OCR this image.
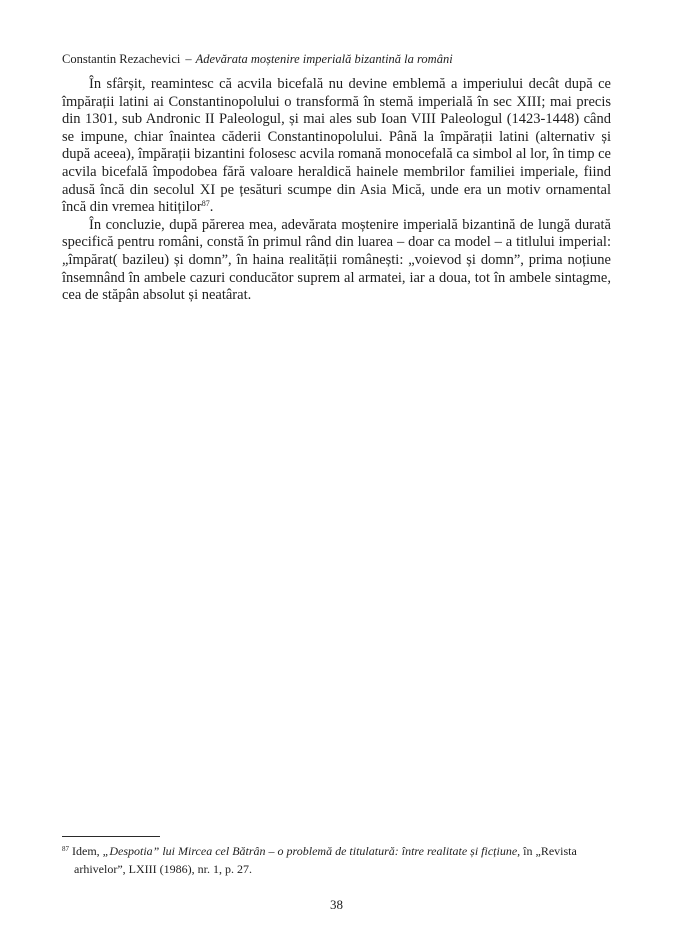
Constantin Rezachevici – Adevărata moștenire imperială bizantină la români

În sfârșit, reamintesc că acvila bicefală nu devine emblemă a imperiului decât după ce împărații latini ai Constantinopolului o transformă în stemă imperială în sec XIII; mai precis din 1301, sub Andronic II Paleologul, și mai ales sub Ioan VIII Paleologul (1423-1448) când se impune, chiar înaintea căderii Constantinopolului. Până la împărații latini (alternativ și după aceea), împărații bizantini folosesc acvila romană monocefală ca simbol al lor, în timp ce acvila bicefală împodobea fără valoare heraldică hainele membrilor familiei imperiale, fiind adusă încă din secolul XI pe țesături scumpe din Asia Mică, unde era un motiv ornamental încă din vremea hitiților$^{87}$.

În concluzie, după părerea mea, adevărata moștenire imperială bizantină de lungă durată specifică pentru români, constă în primul rând din luarea – doar ca model – a titlului imperial: „împărat( bazileu) și domn”, în haina realității românești: „voievod și domn”, prima noțiune însemnând în ambele cazuri conducător suprem al armatei, iar a doua, tot în ambele sintagme, cea de stăpân absolut și neatârat.

$^{87}$ Idem, „Despotia” lui Mircea cel Bătrân – o problemă de titulatură: între realitate și ficțiune, în „Revista
arhivelor”, LXIII (1986), nr. 1, p. 27.
38
